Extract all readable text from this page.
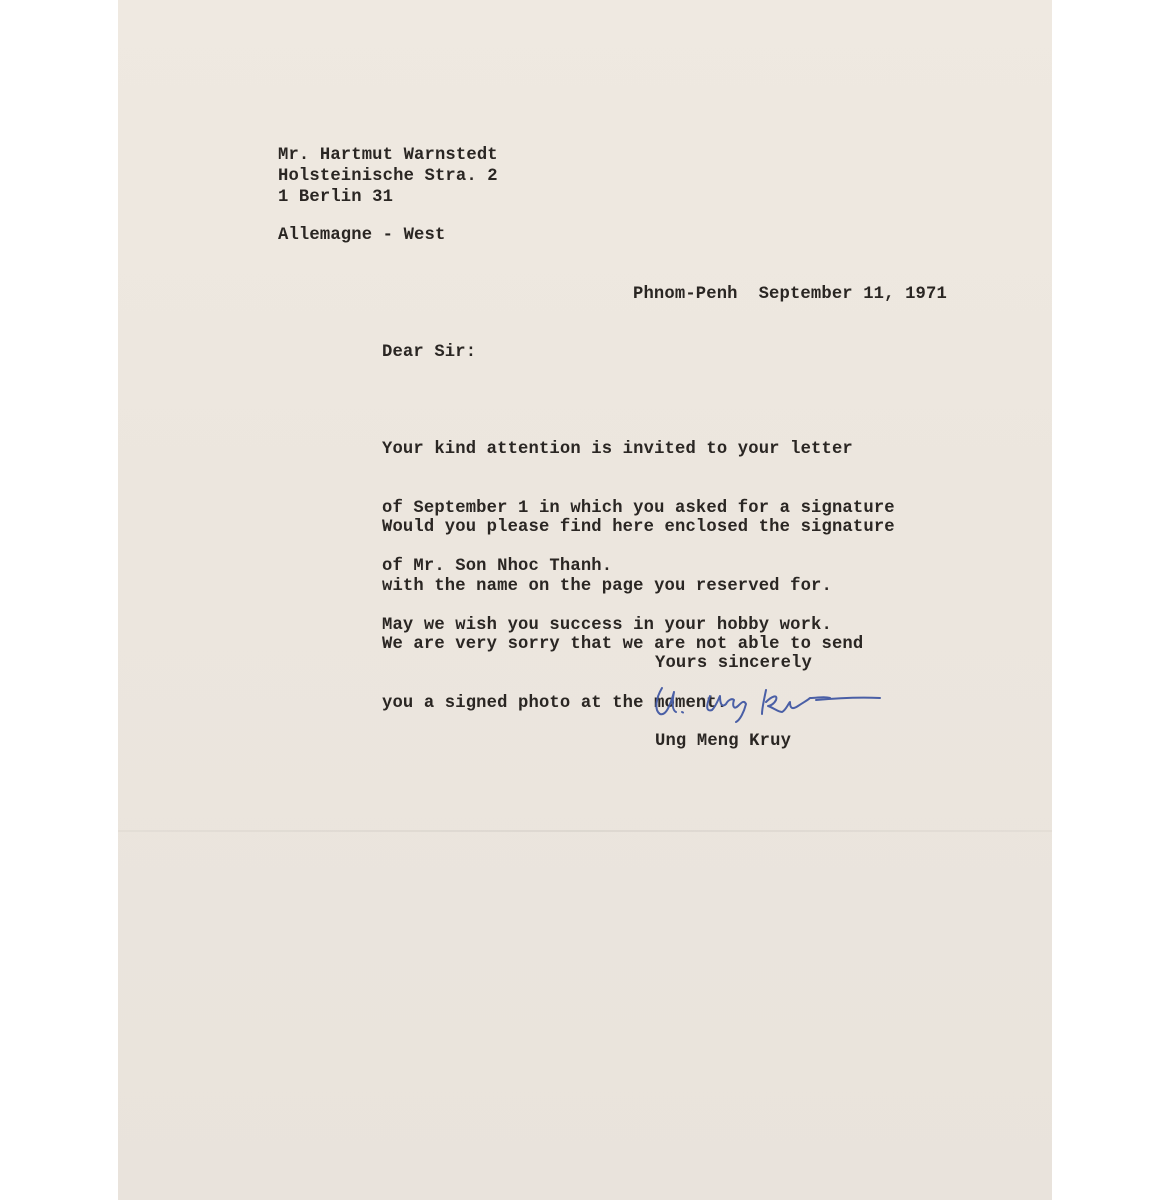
Mr. Hartmut Warnstedt

Holsteinische Stra. 2

1 Berlin 31

Allemagne - West

Phnom-Penh  September 11, 1971

Dear Sir:

Your kind attention is invited to your letter

of September 1 in which you asked for a signature

of Mr. Son Nhoc Thanh.

Would you please find here enclosed the signature

with the name on the page you reserved for.

We are very sorry that we are not able to send

you a signed photo at the moment.

May we wish you success in your hobby work.

Yours sincerely

Ung Meng Kruy
